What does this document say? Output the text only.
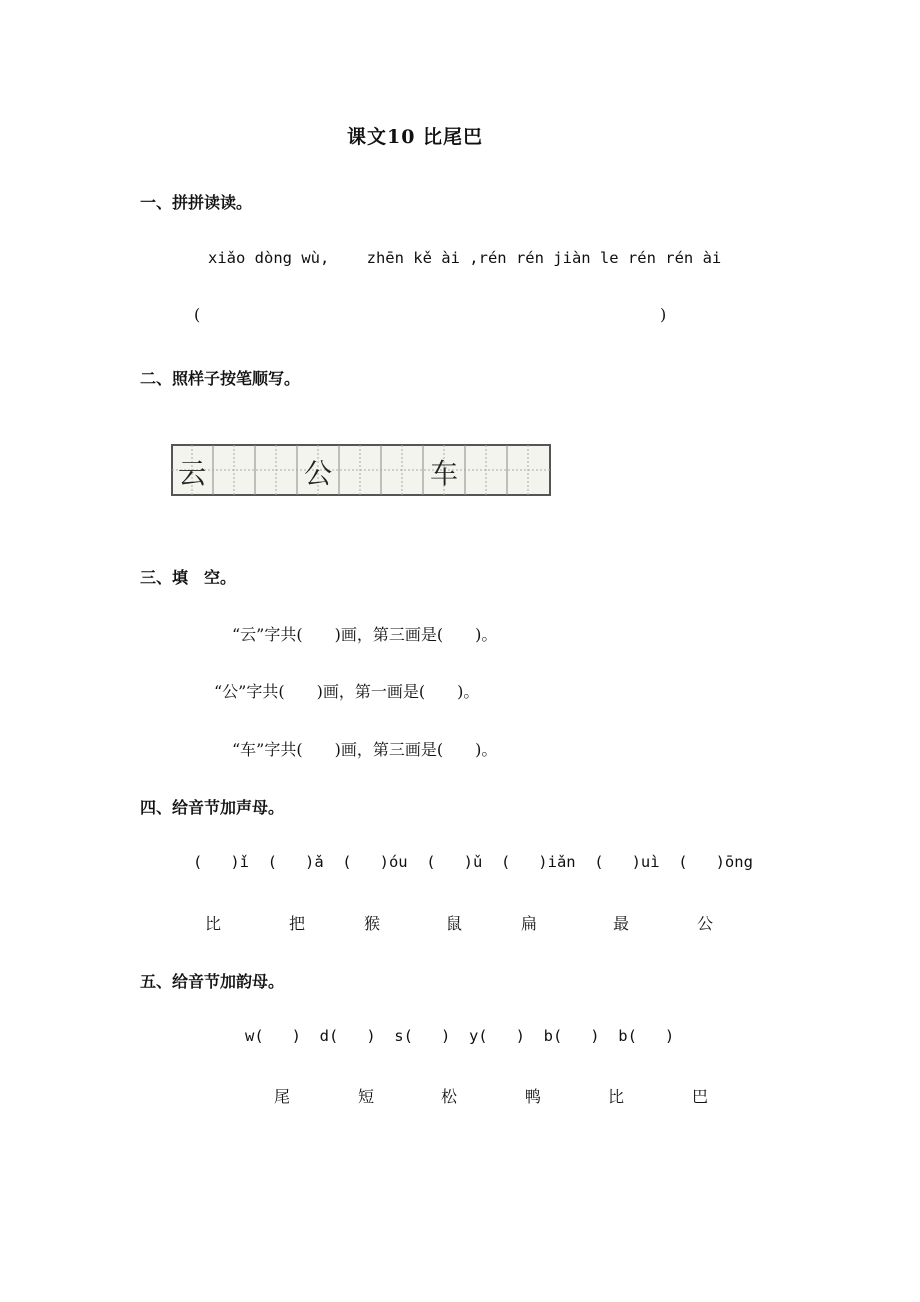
课文10 比尾巴
一、拼拼读读。
xiǎo dòng wù,    zhēn kě ài ,rén rén jiàn le rén rén ài
(	)
二、照样子按笔顺写。
云	公	车
三、填　空。
“云”字共(　　)画，第三画是(　　)。
“公”字共(　　)画，第一画是(　　)。
“车”字共(　　)画，第三画是(　　)。
四、给音节加声母。
(   )ǐ  (   )ǎ  (   )óu  (   )ǔ  (   )iǎn  (   )uì  (   )ōng
比	把	猴	鼠	扁	最	公
五、给音节加韵母。
w(   )  d(   )  s(   )  y(   )  b(   )  b(   )
尾	短	松	鸭	比	巴
